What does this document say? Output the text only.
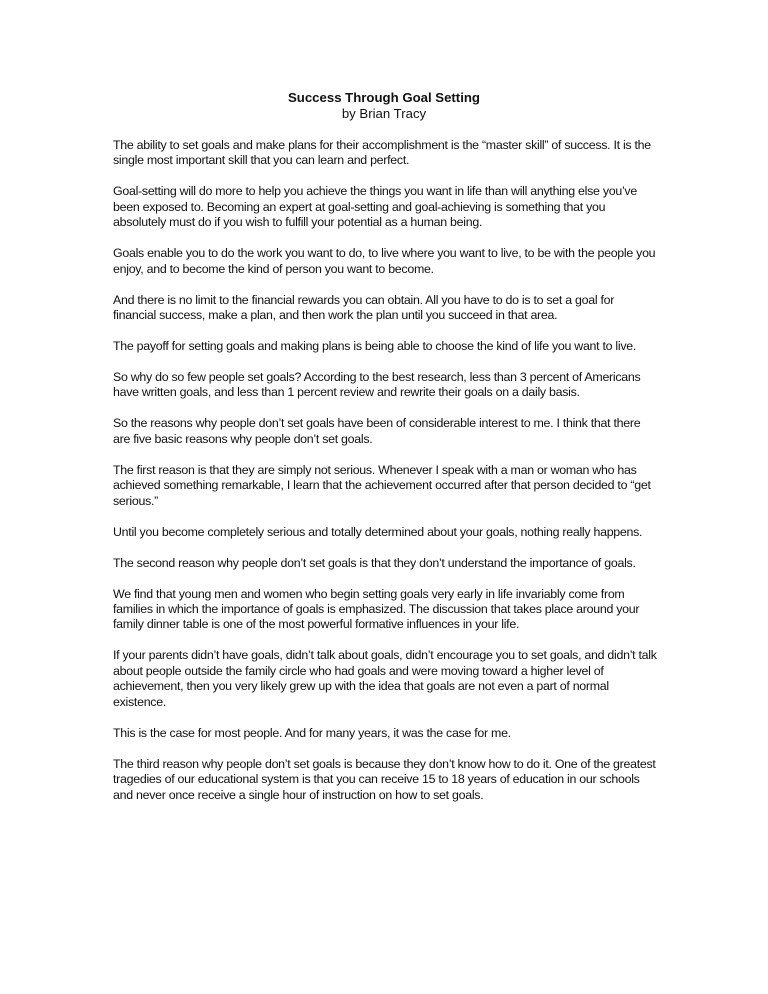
Success Through Goal Setting

by Brian Tracy

The ability to set goals and make plans for their accomplishment is the “master skill” of success. It is the single most important skill that you can learn and perfect.

Goal-setting will do more to help you achieve the things you want in life than will anything else you’ve been exposed to. Becoming an expert at goal-setting and goal-achieving is something that you absolutely must do if you wish to fulfill your potential as a human being.

Goals enable you to do the work you want to do, to live where you want to live, to be with the people you enjoy, and to become the kind of person you want to become.

And there is no limit to the financial rewards you can obtain. All you have to do is to set a goal for financial success, make a plan, and then work the plan until you succeed in that area.

The payoff for setting goals and making plans is being able to choose the kind of life you want to live.

So why do so few people set goals? According to the best research, less than 3 percent of Americans have written goals, and less than 1 percent review and rewrite their goals on a daily basis.

So the reasons why people don’t set goals have been of considerable interest to me. I think that there are five basic reasons why people don’t set goals.

The first reason is that they are simply not serious. Whenever I speak with a man or woman who has achieved something remarkable, I learn that the achievement occurred after that person decided to “get serious.”

Until you become completely serious and totally determined about your goals, nothing really happens.

The second reason why people don’t set goals is that they don’t understand the importance of goals.

We find that young men and women who begin setting goals very early in life invariably come from families in which the importance of goals is emphasized. The discussion that takes place around your family dinner table is one of the most powerful formative influences in your life.

If your parents didn’t have goals, didn’t talk about goals, didn’t encourage you to set goals, and didn’t talk about people outside the family circle who had goals and were moving toward a higher level of achievement, then you very likely grew up with the idea that goals are not even a part of normal existence.

This is the case for most people. And for many years, it was the case for me.

The third reason why people don’t set goals is because they don’t know how to do it. One of the greatest tragedies of our educational system is that you can receive 15 to 18 years of education in our schools and never once receive a single hour of instruction on how to set goals.
